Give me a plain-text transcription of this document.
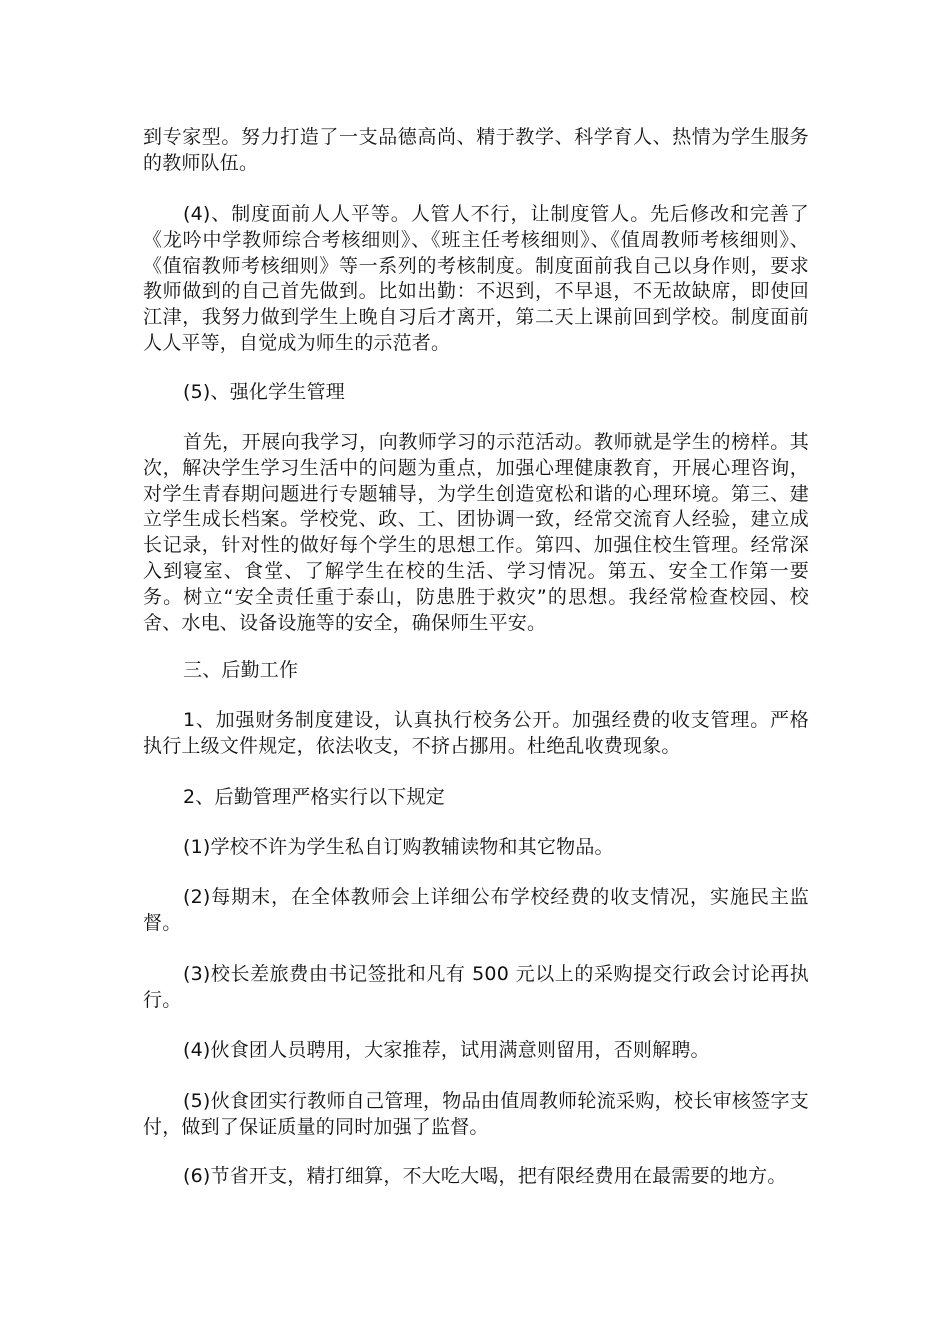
到专家型。努力打造了一支品德高尚、精于教学、科学育人、热情为学生服务的教师队伍。

(4)、制度面前人人平等。人管人不行，让制度管人。先后修改和完善了《龙吟中学教师综合考核细则》、《班主任考核细则》、《值周教师考核细则》、《值宿教师考核细则》等一系列的考核制度。制度面前我自己以身作则，要求教师做到的自己首先做到。比如出勤：不迟到，不早退，不无故缺席，即使回江津，我努力做到学生上晚自习后才离开，第二天上课前回到学校。制度面前人人平等，自觉成为师生的示范者。

(5)、强化学生管理

首先，开展向我学习，向教师学习的示范活动。教师就是学生的榜样。其次，解决学生学习生活中的问题为重点，加强心理健康教育，开展心理咨询，对学生青春期问题进行专题辅导，为学生创造宽松和谐的心理环境。第三、建立学生成长档案。学校党、政、工、团协调一致，经常交流育人经验，建立成长记录，针对性的做好每个学生的思想工作。第四、加强住校生管理。经常深入到寝室、食堂、了解学生在校的生活、学习情况。第五、安全工作第一要务。树立“安全责任重于泰山，防患胜于救灾”的思想。我经常检查校园、校舍、水电、设备设施等的安全，确保师生平安。

三、后勤工作

1、加强财务制度建设，认真执行校务公开。加强经费的收支管理。严格执行上级文件规定，依法收支，不挤占挪用。杜绝乱收费现象。

2、后勤管理严格实行以下规定

(1)学校不许为学生私自订购教辅读物和其它物品。

(2)每期末，在全体教师会上详细公布学校经费的收支情况，实施民主监督。

(3)校长差旅费由书记签批和凡有 500 元以上的采购提交行政会讨论再执行。

(4)伙食团人员聘用，大家推荐，试用满意则留用，否则解聘。

(5)伙食团实行教师自己管理，物品由值周教师轮流采购，校长审核签字支付，做到了保证质量的同时加强了监督。

(6)节省开支，精打细算，不大吃大喝，把有限经费用在最需要的地方。
